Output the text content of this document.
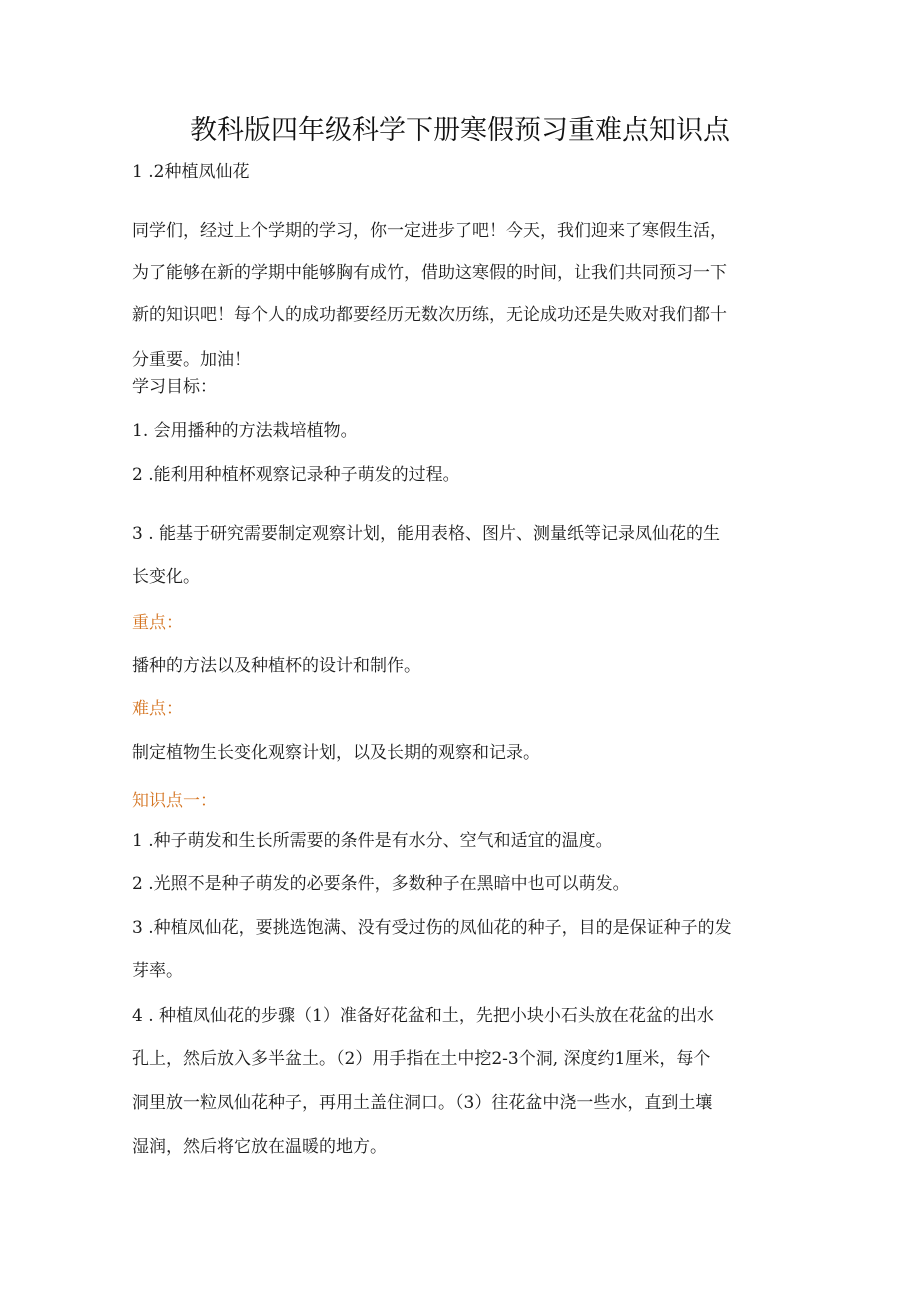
教科版四年级科学下册寒假预习重难点知识点
1 .2种植凤仙花
同学们，经过上个学期的学习，你一定进步了吧！今天，我们迎来了寒假生活，
为了能够在新的学期中能够胸有成竹，借助这寒假的时间，让我们共同预习一下
新的知识吧！每个人的成功都要经历无数次历练，无论成功还是失败对我们都十
分重要。加油！
学习目标：
1. 会用播种的方法栽培植物。
2 .能利用种植杯观察记录种子萌发的过程。
3 . 能基于研究需要制定观察计划，能用表格、图片、测量纸等记录凤仙花的生
长变化。
重点：
播种的方法以及种植杯的设计和制作。
难点：
制定植物生长变化观察计划，以及长期的观察和记录。
知识点一：
1 .种子萌发和生长所需要的条件是有水分、空气和适宜的温度。
2 .光照不是种子萌发的必要条件，多数种子在黑暗中也可以萌发。
3 .种植凤仙花，要挑选饱满、没有受过伤的凤仙花的种子，目的是保证种子的发
芽率。
4 . 种植凤仙花的步骤（1）准备好花盆和土，先把小块小石头放在花盆的出水
孔上，然后放入多半盆土。（2）用手指在土中挖2-3个洞, 深度约1厘米，每个
洞里放一粒凤仙花种子，再用土盖住洞口。（3）往花盆中浇一些水，直到土壤
湿润，然后将它放在温暖的地方。
